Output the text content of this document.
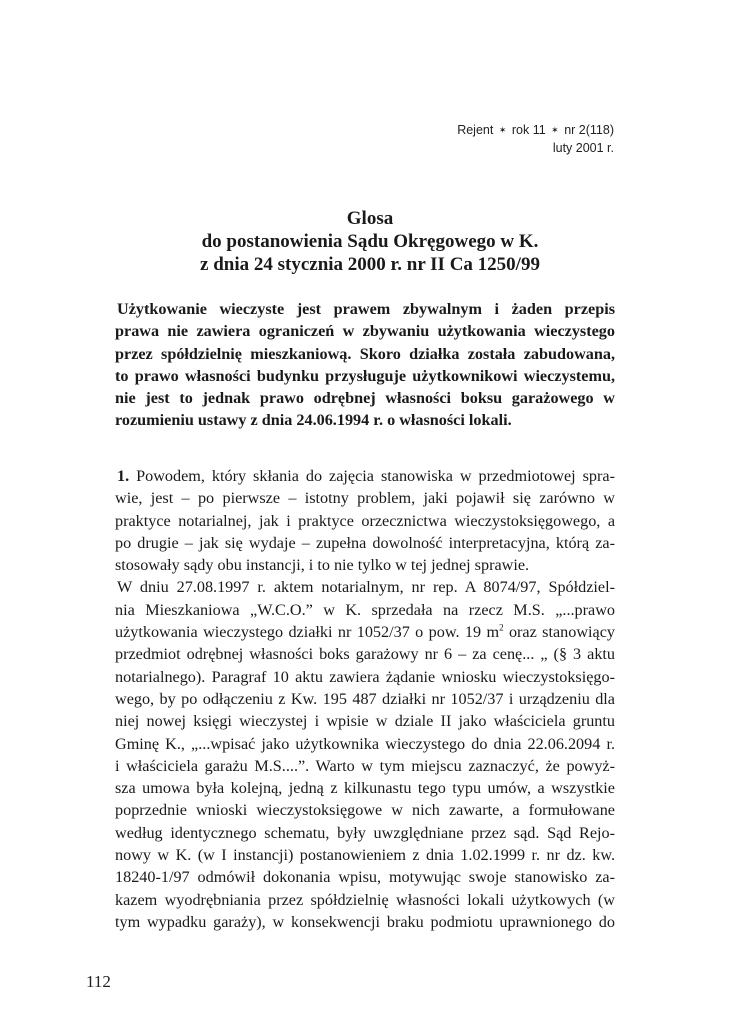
Rejent ✶ rok 11 ✶ nr 2(118)
luty 2001 r.
Glosa
do postanowienia Sądu Okręgowego w K.
z dnia 24 stycznia 2000 r. nr II Ca 1250/99
Użytkowanie wieczyste jest prawem zbywalnym i żaden przepis
prawa nie zawiera ograniczeń w zbywaniu użytkowania wieczystego
przez spółdzielnię mieszkaniową. Skoro działka została zabudowana,
to prawo własności budynku przysługuje użytkownikowi wieczystemu,
nie jest to jednak prawo odrębnej własności boksu garażowego w
rozumieniu ustawy z dnia 24.06.1994 r. o własności lokali.
1. Powodem, który skłania do zajęcia stanowiska w przedmiotowej spra-
wie, jest – po pierwsze – istotny problem, jaki pojawił się zarówno w
praktyce notarialnej, jak i praktyce orzecznictwa wieczystoksięgowego, a
po drugie – jak się wydaje – zupełna dowolność interpretacyjna, którą za-
stosowały sądy obu instancji, i to nie tylko w tej jednej sprawie.
W dniu 27.08.1997 r. aktem notarialnym, nr rep. A 8074/97, Spółdziel-
nia Mieszkaniowa „W.C.O.” w K. sprzedała na rzecz M.S. „...prawo
użytkowania wieczystego działki nr 1052/37 o pow. 19 $m^2$ oraz stanowiący
przedmiot odrębnej własności boks garażowy nr 6 – za cenę... „ (§ 3 aktu
notarialnego). Paragraf 10 aktu zawiera żądanie wniosku wieczystoksięgo-
wego, by po odłączeniu z Kw. 195 487 działki nr 1052/37 i urządzeniu dla
niej nowej księgi wieczystej i wpisie w dziale II jako właściciela gruntu
Gminę K., „...wpisać jako użytkownika wieczystego do dnia 22.06.2094 r.
i właściciela garażu M.S....”. Warto w tym miejscu zaznaczyć, że powyż-
sza umowa była kolejną, jedną z kilkunastu tego typu umów, a wszystkie
poprzednie wnioski wieczystoksięgowe w nich zawarte, a formułowane
według identycznego schematu, były uwzględniane przez sąd. Sąd Rejo-
nowy w K. (w I instancji) postanowieniem z dnia 1.02.1999 r. nr dz. kw.
18240-1/97 odmówił dokonania wpisu, motywując swoje stanowisko za-
kazem wyodrębniania przez spółdzielnię własności lokali użytkowych (w
tym wypadku garaży), w konsekwencji braku podmiotu uprawnionego do
112
